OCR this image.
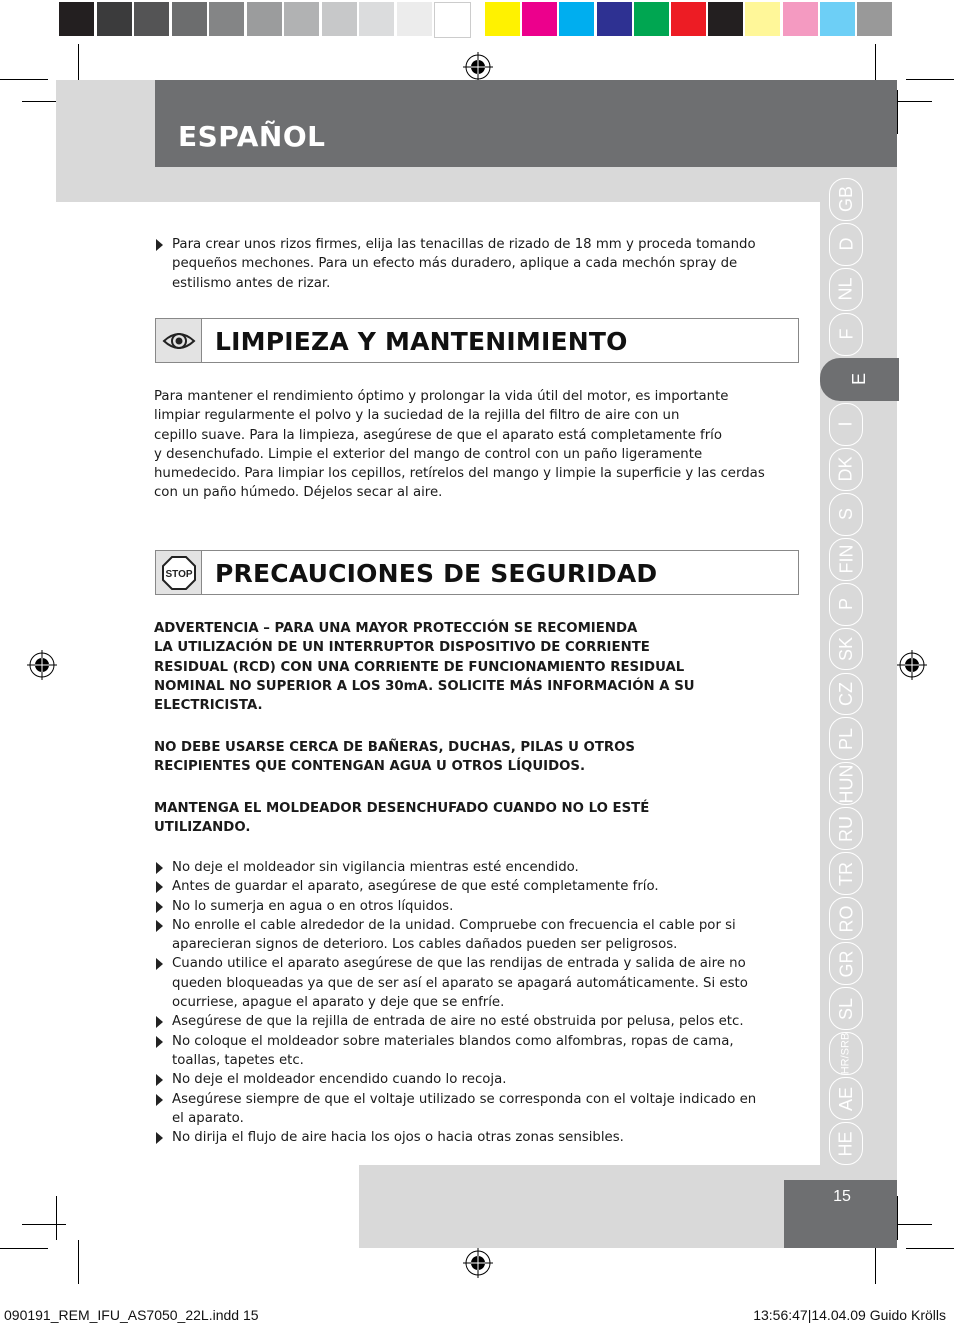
15
ESPAÑOL
GB
D
NL
F
E
I
DK
S
FIN
P
SK
CZ
PL
HUN
RU
TR
RO
GR
SL
HR/SRB
AE
HE
Para crear unos rizos firmes, elija las tenacillas de rizado de 18 mm y proceda tomando pequeños mechones. Para un efecto más duradero, aplique a cada mechón spray de estilismo antes de rizar.
LIMPIEZA Y MANTENIMIENTO
Para mantener el rendimiento óptimo y prolongar la vida útil del motor, es importante
limpiar regularmente el polvo y la suciedad de la rejilla del filtro de aire con un
cepillo suave. Para la limpieza, asegúrese de que el aparato está completamente frío
y desenchufado. Limpie el exterior del mango de control con un paño ligeramente
humedecido. Para limpiar los cepillos, retírelos del mango y limpie la superficie y las cerdas
con un paño húmedo. Déjelos secar al aire.
STOP PRECAUCIONES DE SEGURIDAD
ADVERTENCIA – PARA UNA MAYOR PROTECCIÓN SE RECOMIENDA
LA UTILIZACIÓN DE UN INTERRUPTOR DISPOSITIVO DE CORRIENTE
RESIDUAL (RCD) CON UNA CORRIENTE DE FUNCIONAMIENTO RESIDUAL
NOMINAL NO SUPERIOR A LOS 30mA. SOLICITE MÁS INFORMACIÓN A SU
ELECTRICISTA.
NO DEBE USARSE CERCA DE BAÑERAS, DUCHAS, PILAS U OTROS
RECIPIENTES QUE CONTENGAN AGUA U OTROS LÍQUIDOS.
MANTENGA EL MOLDEADOR DESENCHUFADO CUANDO NO LO ESTÉ
UTILIZANDO.
No deje el moldeador sin vigilancia mientras esté encendido.
Antes de guardar el aparato, asegúrese de que esté completamente frío.
No lo sumerja en agua o en otros líquidos.
No enrolle el cable alrededor de la unidad. Compruebe con frecuencia el cable por si aparecieran signos de deterioro. Los cables dañados pueden ser peligrosos.
Cuando utilice el aparato asegúrese de que las rendijas de entrada y salida de aire no queden bloqueadas ya que de ser así el aparato se apagará automáticamente. Si esto ocurriese, apague el aparato y deje que se enfríe.
Asegúrese de que la rejilla de entrada de aire no esté obstruida por pelusa, pelos etc.
No coloque el moldeador sobre materiales blandos como alfombras, ropas de cama, toallas, tapetes etc.
No deje el moldeador encendido cuando lo recoja.
Asegúrese siempre de que el voltaje utilizado se corresponda con el voltaje indicado en el aparato.
No dirija el flujo de aire hacia los ojos o hacia otras zonas sensibles.
090191_REM_IFU_AS7050_22L.indd 15	13:56:47|14.04.09 Guido Krölls
